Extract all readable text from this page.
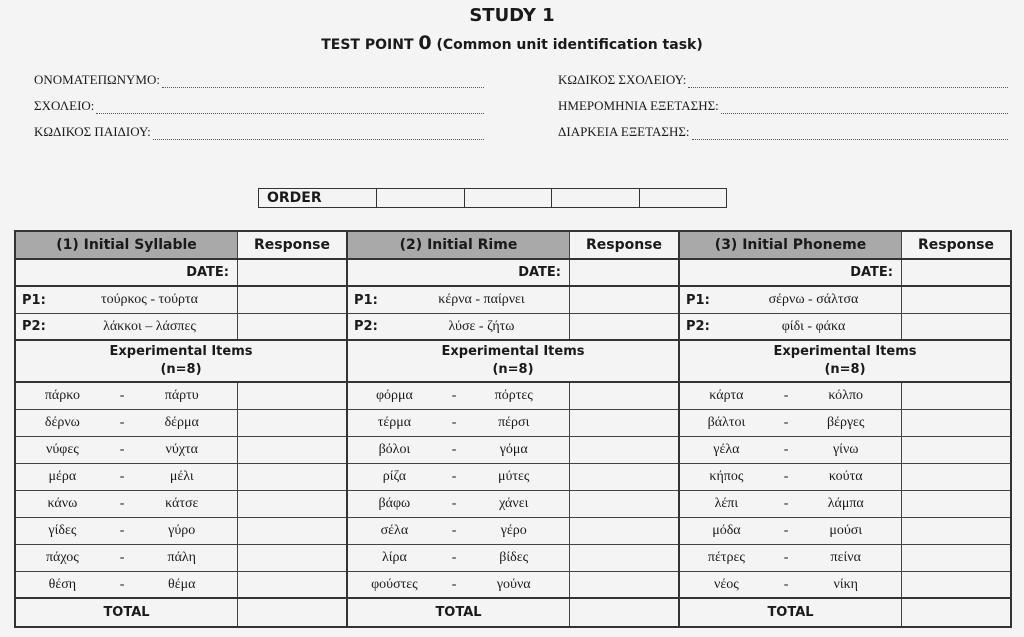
STUDY 1
TEST POINT 0 (Common unit identification task)
ΟΝΟΜΑΤΕΠΩΝΥΜΟ:
ΣΧΟΛΕΙΟ:
ΚΩΔΙΚΟΣ ΠΑΙΔΙΟΥ:
ΚΩΔΙΚΟΣ ΣΧΟΛΕΙΟΥ:
ΗΜΕΡΟΜΗΝΙΑ ΕΞΕΤΑΣΗΣ:
ΔΙΑΡΚΕΙΑ ΕΞΕΤΑΣΗΣ:
ORDER
(1) Initial Syllable	Response
DATE:
P1:	τούρκος - τούρτα
P2:	λάκκοι – λάσπες
Experimental Items
(n=8)
πάρκο	-	πάρτυ
δέρνω	-	δέρμα
νύφες	-	νύχτα
μέρα	-	μέλι
κάνω	-	κάτσε
γίδες	-	γύρο
πάχος	-	πάλη
θέση	-	θέμα
TOTAL
(2) Initial Rime	Response
DATE:
P1:	κέρνα - παίρνει
P2:	λύσε - ζήτω
Experimental Items
(n=8)
φόρμα	-	πόρτες
τέρμα	-	πέρσι
βόλοι	-	γόμα
ρίζα	-	μύτες
βάφω	-	χάνει
σέλα	-	γέρο
λίρα	-	βίδες
φούστες	-	γούνα
TOTAL
(3) Initial Phoneme	Response
DATE:
P1:	σέρνω - σάλτσα
P2:	φίδι - φάκα
Experimental Items
(n=8)
κάρτα	-	κόλπο
βάλτοι	-	βέργες
γέλα	-	γίνω
κήπος	-	κούτα
λέπι	-	λάμπα
μόδα	-	μούσι
πέτρες	-	πείνα
νέος	-	νίκη
TOTAL
